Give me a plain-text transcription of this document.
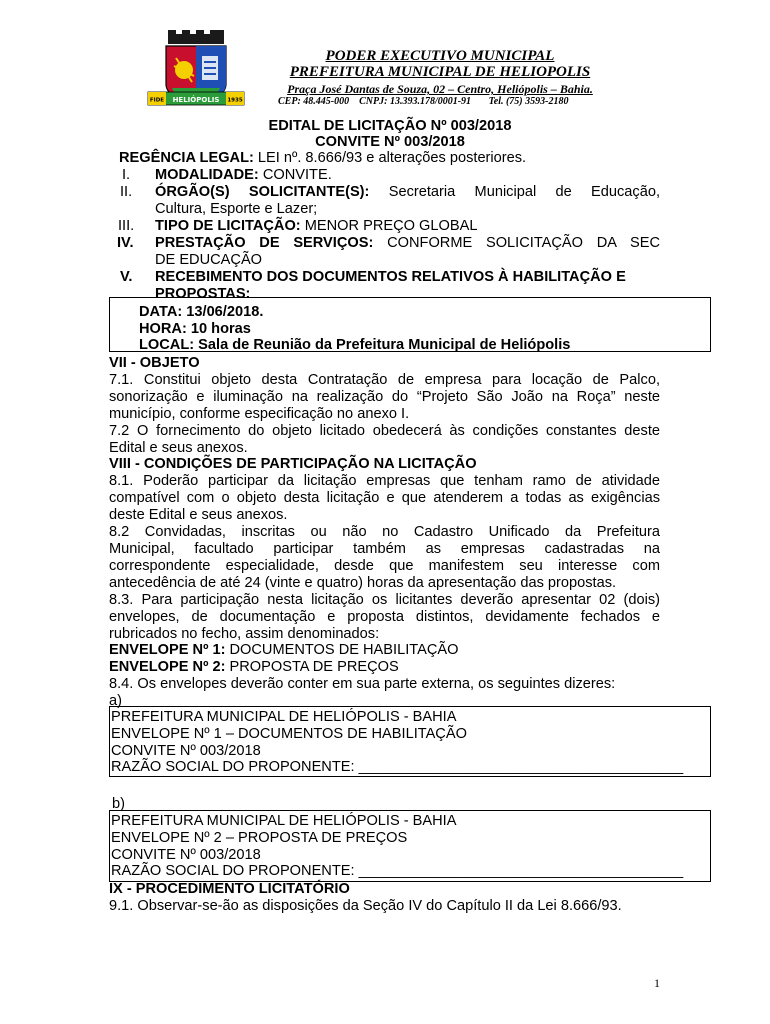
FIDE HELIÓPOLIS 1935
PODER EXECUTIVO MUNICIPAL
PREFEITURA MUNICIPAL DE HELIOPOLIS
Praça José Dantas de Souza, 02 – Centro, Heliópolis – Bahia.
CEP: 48.445-000 CNPJ: 13.393.178/0001-91 Tel. (75) 3593-2180
EDITAL DE LICITAÇÃO Nº 003/2018
CONVITE Nº 003/2018
REGÊNCIA LEGAL: LEI nº. 8.666/93 e alterações posteriores.
I. MODALIDADE: CONVITE.
II. ÓRGÃO(S) SOLICITANTE(S): Secretaria Municipal de Educação,
Cultura, Esporte e Lazer;
III. TIPO DE LICITAÇÃO: MENOR PREÇO GLOBAL
IV. PRESTAÇÃO DE SERVIÇOS: CONFORME SOLICITAÇÃO DA SEC
DE EDUCAÇÃO
V. RECEBIMENTO DOS DOCUMENTOS RELATIVOS À HABILITAÇÃO E
PROPOSTAS:
DATA: 13/06/2018.
HORA: 10 horas
LOCAL: Sala de Reunião da Prefeitura Municipal de Heliópolis
VII - OBJETO
7.1. Constitui objeto desta Contratação de empresa para locação de Palco,
sonorização e iluminação na realização do “Projeto São João na Roça” neste
município, conforme especificação no anexo I.
7.2 O fornecimento do objeto licitado obedecerá às condições constantes deste
Edital e seus anexos.
VIII - CONDIÇÕES DE PARTICIPAÇÃO NA LICITAÇÃO
8.1. Poderão participar da licitação empresas que tenham ramo de atividade
compatível com o objeto desta licitação e que atenderem a todas as exigências
deste Edital e seus anexos.
8.2 Convidadas, inscritas ou não no Cadastro Unificado da Prefeitura
Municipal, facultado participar também as empresas cadastradas na
correspondente especialidade, desde que manifestem seu interesse com
antecedência de até 24 (vinte e quatro) horas da apresentação das propostas.
8.3. Para participação nesta licitação os licitantes deverão apresentar 02 (dois)
envelopes, de documentação e proposta distintos, devidamente fechados e
rubricados no fecho, assim denominados:
ENVELOPE Nº 1: DOCUMENTOS DE HABILITAÇÃO
ENVELOPE Nº 2: PROPOSTA DE PREÇOS
8.4. Os envelopes deverão conter em sua parte externa, os seguintes dizeres:
a)
PREFEITURA MUNICIPAL DE HELIÓPOLIS - BAHIA
ENVELOPE Nº 1 – DOCUMENTOS DE HABILITAÇÃO
CONVITE Nº 003/2018
RAZÃO SOCIAL DO PROPONENTE: ________________________________________
b)
PREFEITURA MUNICIPAL DE HELIÓPOLIS - BAHIA
ENVELOPE Nº 2 – PROPOSTA DE PREÇOS
CONVITE Nº 003/2018
RAZÃO SOCIAL DO PROPONENTE: ________________________________________
IX - PROCEDIMENTO LICITATÓRIO
9.1. Observar-se-ão as disposições da Seção IV do Capítulo II da Lei 8.666/93.
1
